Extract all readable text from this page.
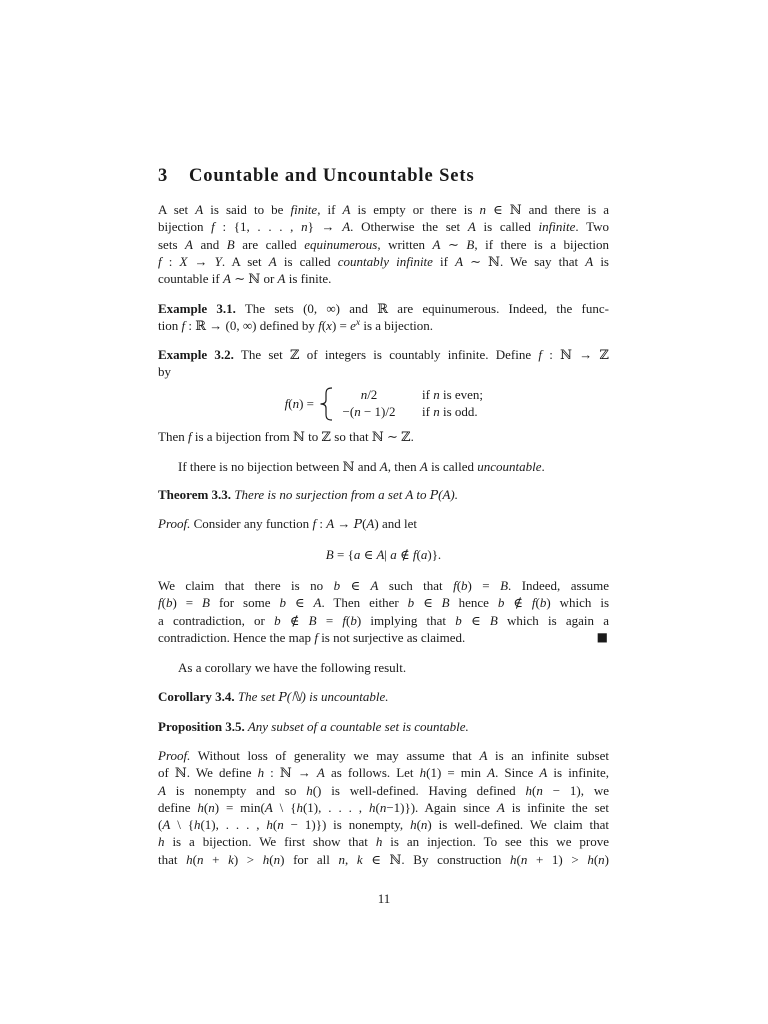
3 Countable and Uncountable Sets
A set A is said to be finite, if A is empty or there is n ∈ ℕ and there is a
bijection f : {1, . . . , n} → A. Otherwise the set A is called infinite. Two
sets A and B are called equinumerous, written A ∼ B, if there is a bijection
f : X → Y. A set A is called countably infinite if A ∼ ℕ. We say that A is
countable if A ∼ ℕ or A is finite.
Example 3.1. The sets (0, ∞) and ℝ are equinumerous. Indeed, the func-
tion f : ℝ → (0, ∞) defined by $f(x) = e^x$ is a bijection.
Example 3.2. The set ℤ of integers is countably infinite. Define f : ℕ → ℤ
by
f(n) =
n/2	if n is even;
−(n − 1)/2 if n is odd.
Then f is a bijection from ℕ to ℤ so that ℕ ∼ ℤ.
If there is no bijection between ℕ and A, then A is called uncountable.
Theorem 3.3. There is no surjection from a set A to P(A).
Proof. Consider any function f : A → P(A) and let
B = {a ∈ A| a ∉ f(a)}.
We claim that there is no b ∈ A such that f(b) = B. Indeed, assume
f(b) = B for some b ∈ A. Then either b ∈ B hence b ∉ f(b) which is
a contradiction, or b ∉ B = f(b) implying that b ∈ B which is again a
contradiction. Hence the map f is not surjective as claimed.	■
As a corollary we have the following result.
Corollary 3.4. The set P(ℕ) is uncountable.
Proposition 3.5. Any subset of a countable set is countable.
Proof. Without loss of generality we may assume that A is an infinite subset
of ℕ. We define h : ℕ → A as follows. Let h(1) = min A. Since A is infinite,
A is nonempty and so h() is well-defined. Having defined h(n − 1), we
define h(n) = min(A \ {h(1), . . . , h(n−1)}). Again since A is infinite the set
(A \ {h(1), . . . , h(n − 1)}) is nonempty, h(n) is well-defined. We claim that
h is a bijection. We first show that h is an injection. To see this we prove
that h(n + k) > h(n) for all n, k ∈ ℕ. By construction h(n + 1) > h(n)
11
